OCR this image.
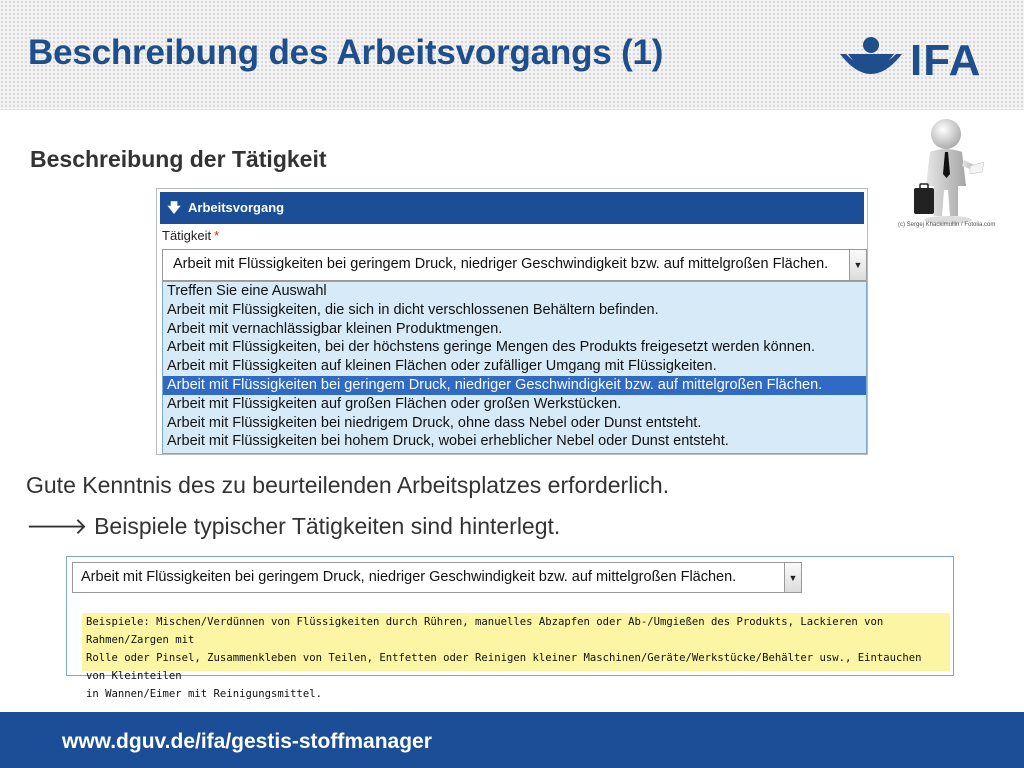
Beschreibung des Arbeitsvorgangs (1)	IFA
Beschreibung der Tätigkeit
(c) Sergej Khackimullin / Fotolia.com
🡇 Arbeitsvorgang
Tätigkeit *
Arbeit mit Flüssigkeiten bei geringem Druck, niedriger Geschwindigkeit bzw. auf mittelgroßen Flächen.	▼
Treffen Sie eine Auswahl
Arbeit mit Flüssigkeiten, die sich in dicht verschlossenen Behältern befinden.
Arbeit mit vernachlässigbar kleinen Produktmengen.
Arbeit mit Flüssigkeiten, bei der höchstens geringe Mengen des Produkts freigesetzt werden können.
Arbeit mit Flüssigkeiten auf kleinen Flächen oder zufälliger Umgang mit Flüssigkeiten.
Arbeit mit Flüssigkeiten bei geringem Druck, niedriger Geschwindigkeit bzw. auf mittelgroßen Flächen.
Arbeit mit Flüssigkeiten auf großen Flächen oder großen Werkstücken.
Arbeit mit Flüssigkeiten bei niedrigem Druck, ohne dass Nebel oder Dunst entsteht.
Arbeit mit Flüssigkeiten bei hohem Druck, wobei erheblicher Nebel oder Dunst entsteht.
Gute Kenntnis des zu beurteilenden Arbeitsplatzes erforderlich.
🡒 Beispiele typischer Tätigkeiten sind hinterlegt.
Arbeit mit Flüssigkeiten bei geringem Druck, niedriger Geschwindigkeit bzw. auf mittelgroßen Flächen.	▼
Beispiele: Mischen/Verdünnen von Flüssigkeiten durch Rühren, manuelles Abzapfen oder Ab-/Umgießen des Produkts, Lackieren von Rahmen/Zargen mit
Rolle oder Pinsel, Zusammenkleben von Teilen, Entfetten oder Reinigen kleiner Maschinen/Geräte/Werkstücke/Behälter usw., Eintauchen von Kleinteilen
in Wannen/Eimer mit Reinigungsmittel.
www.dguv.de/ifa/gestis-stoffmanager
